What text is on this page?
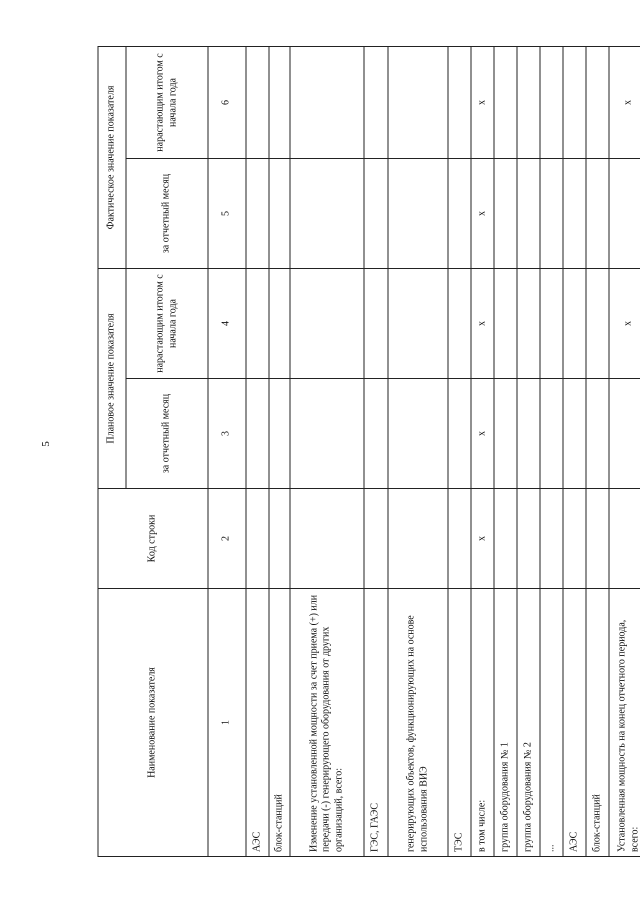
5
Наименование показателя	Код строки	Плановое значение показателя		Фактическое значение показателя	
		за отчетный месяц	нарастающим итогом с начала года	за отчетный месяц	нарастающим итогом с начала года
1	2	3	4	5	6
АЭС					
блок-станций					
Изменение установленной мощности за счет приема (+) или передачи (-) генерирующего оборудования от других организаций, всего:					
ГЭС, ГАЭС					
генерирующих объектов, функционирующих на основе использования ВИЭ					
ТЭС					
в том числе:	x	x	x	x	x
группа оборудования № 1					
группа оборудования № 2					
...					
АЭС					
блок-станций					
Установленная мощность на конец отчетного периода, всего:			x		x
